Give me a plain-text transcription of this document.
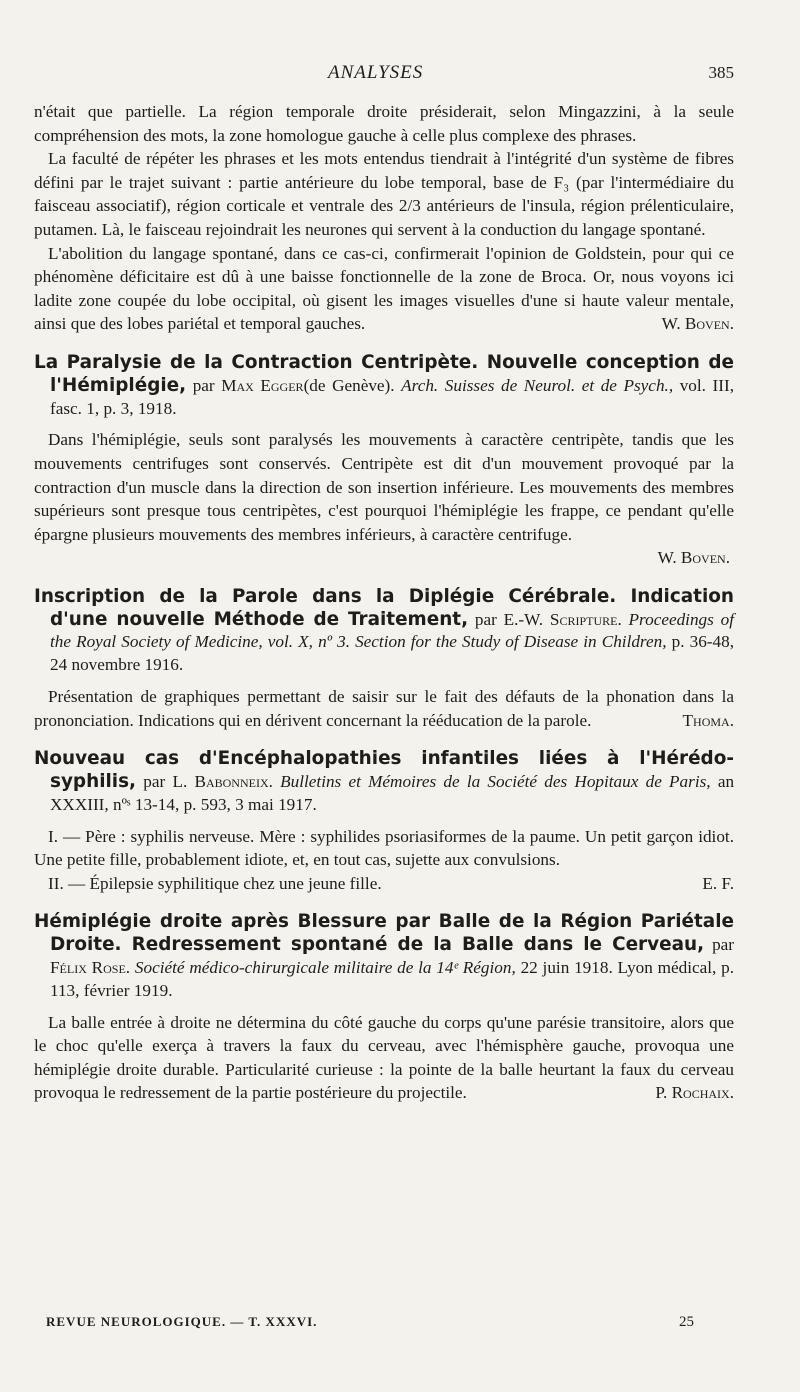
ANALYSES	385

n'était que partielle. La région temporale droite présiderait, selon Mingazzini, à la seule compréhension des mots, la zone homologue gauche à celle plus complexe des phrases.

La faculté de répéter les phrases et les mots entendus tiendrait à l'intégrité d'un système de fibres défini par le trajet suivant : partie antérieure du lobe temporal, base de F₃ (par l'intermédiaire du faisceau associatif), région corticale et ventrale des 2/3 antérieurs de l'insula, région prélenticulaire, putamen. Là, le faisceau rejoindrait les neurones qui servent à la conduction du langage spontané.

L'abolition du langage spontané, dans ce cas-ci, confirmerait l'opinion de Goldstein, pour qui ce phénomène déficitaire est dû à une baisse fonctionnelle de la zone de Broca. Or, nous voyons ici ladite zone coupée du lobe occipital, où gisent les images visuelles d'une si haute valeur mentale, ainsi que des lobes pariétal et temporal gauches.	W. Boven.

La Paralysie de la Contraction Centripète. Nouvelle conception de l'Hémiplégie, par Max Egger(de Genève). Arch. Suisses de Neurol. et de Psych., vol. III, fasc. 1, p. 3, 1918.

Dans l'hémiplégie, seuls sont paralysés les mouvements à caractère centripète, tandis que les mouvements centrifuges sont conservés. Centripète est dit d'un mouvement provoqué par la contraction d'un muscle dans la direction de son insertion inférieure. Les mouvements des membres supérieurs sont presque tous centripètes, c'est pourquoi l'hémiplégie les frappe, ce pendant qu'elle épargne plusieurs mouvements des membres inférieurs, à caractère centrifuge.

W. Boven.

Inscription de la Parole dans la Diplégie Cérébrale. Indication d'une nouvelle Méthode de Traitement, par E.-W. Scripture. Proceedings of the Royal Society of Medicine, vol. X, nº 3. Section for the Study of Disease in Children, p. 36-48, 24 novembre 1916.

Présentation de graphiques permettant de saisir sur le fait des défauts de la phonation dans la prononciation. Indications qui en dérivent concernant la rééducation de la parole.	Thoma.

Nouveau cas d'Encéphalopathies infantiles liées à l'Hérédo-syphilis, par L. Babonneix. Bulletins et Mémoires de la Société des Hopitaux de Paris, an XXXIII, nºˢ 13-14, p. 593, 3 mai 1917.

I. — Père : syphilis nerveuse. Mère : syphilides psoriasiformes de la paume. Un petit garçon idiot. Une petite fille, probablement idiote, et, en tout cas, sujette aux convulsions.

II. — Épilepsie syphilitique chez une jeune fille.	E. F.

Hémiplégie droite après Blessure par Balle de la Région Pariétale Droite. Redressement spontané de la Balle dans le Cerveau, par Félix Rose. Société médico-chirurgicale militaire de la 14ᵉ Région, 22 juin 1918. Lyon médical, p. 113, février 1919.

La balle entrée à droite ne détermina du côté gauche du corps qu'une parésie transitoire, alors que le choc qu'elle exerça à travers la faux du cerveau, avec l'hémisphère gauche, provoqua une hémiplégie droite durable. Particularité curieuse : la pointe de la balle heurtant la faux du cerveau provoqua le redressement de la partie postérieure du projectile.	P. Rochaix.

REVUE NEUROLOGIQUE. — T. XXXVI.	25
